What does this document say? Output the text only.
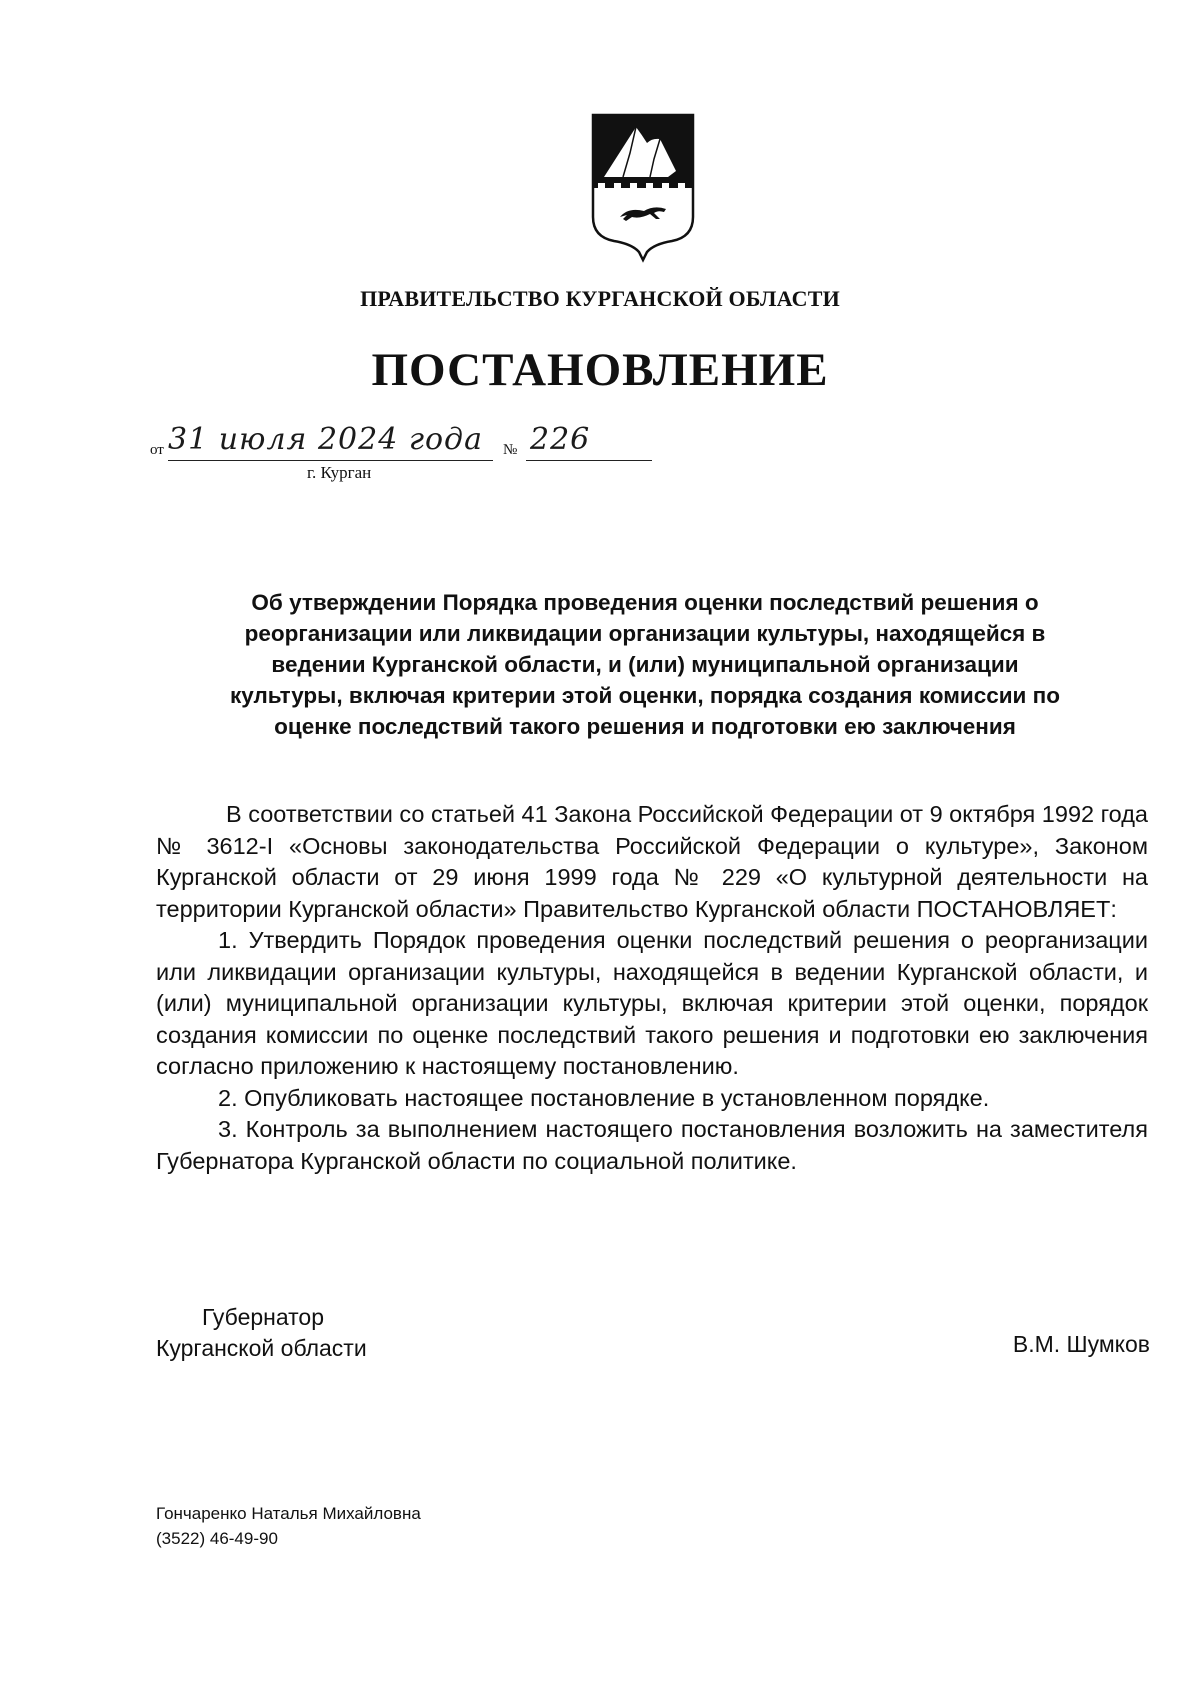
ПРАВИТЕЛЬСТВО КУРГАНСКОЙ ОБЛАСТИ
ПОСТАНОВЛЕНИЕ
от 31 июля 2024 года № 226
г. Курган
Об утверждении Порядка проведения оценки последствий решения о
реорганизации или ликвидации организации культуры, находящейся в
ведении Курганской области, и (или) муниципальной организации
культуры, включая критерии этой оценки, порядка создания комиссии по
оценке последствий такого решения и подготовки ею заключения

В соответствии со статьей 41 Закона Российской Федерации от 9 октября 1992 года № 3612-I «Основы законодательства Российской Федерации о культуре», Законом Курганской области от 29 июня 1999 года № 229 «О культурной деятельности на территории Курганской области» Правительство Курганской области ПОСТАНОВЛЯЕТ:

1. Утвердить Порядок проведения оценки последствий решения о реорганизации или ликвидации организации культуры, находящейся в ведении Курганской области, и (или) муниципальной организации культуры, включая критерии этой оценки, порядок создания комиссии по оценке последствий такого решения и подготовки ею заключения согласно приложению к настоящему постановлению.

2. Опубликовать настоящее постановление в установленном порядке.

3. Контроль за выполнением настоящего постановления возложить на заместителя Губернатора Курганской области по социальной политике.

Губернатор
Курганской области	В.М. Шумков
Гончаренко Наталья Михайловна
(3522) 46-49-90
